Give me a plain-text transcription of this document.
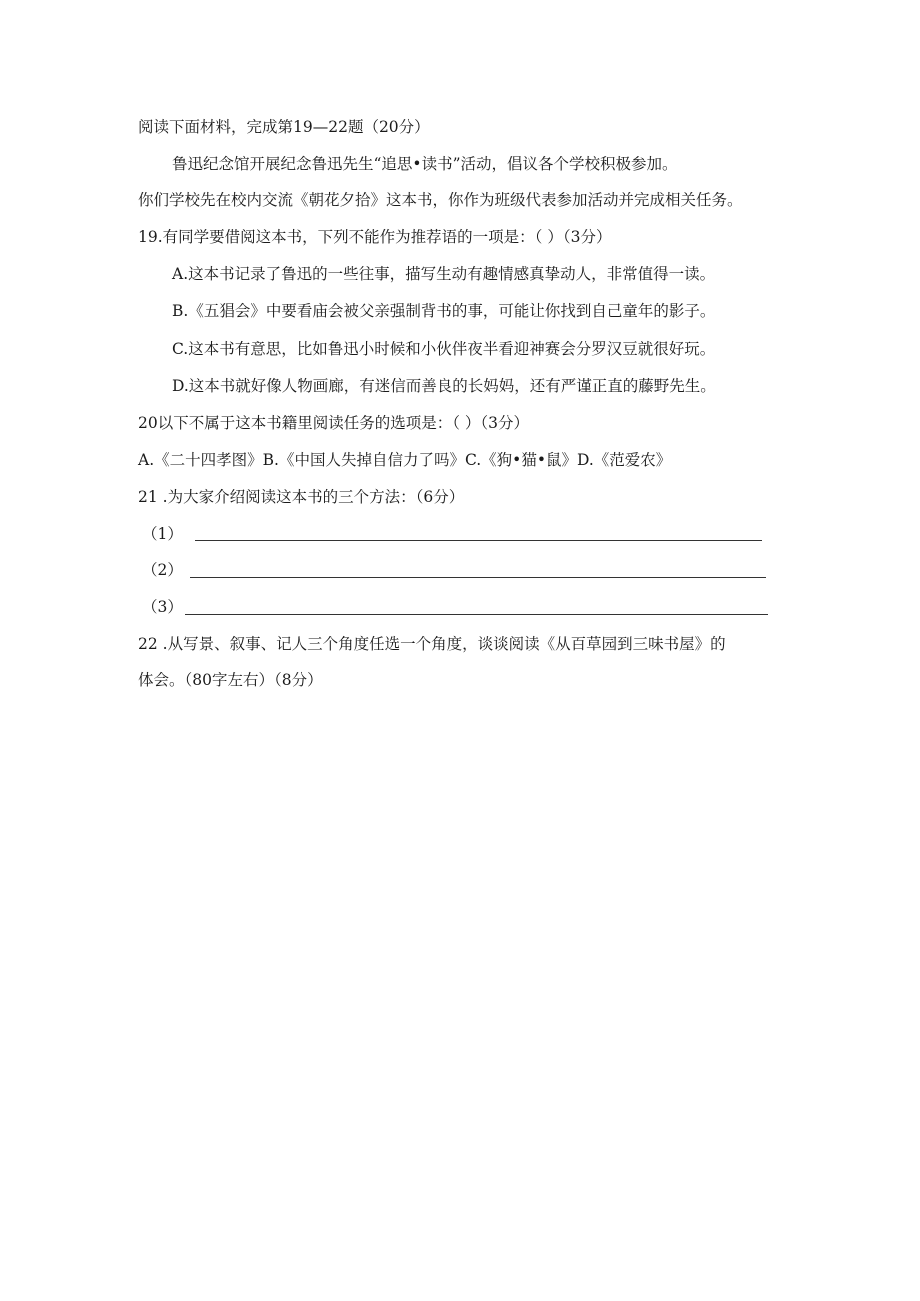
阅读下面材料，完成第19—22题（20分）
鲁迅纪念馆开展纪念鲁迅先生“追思•读书”活动，倡议各个学校积极参加。
你们学校先在校内交流《朝花夕拾》这本书，你作为班级代表参加活动并完成相关任务。
19.有同学要借阅这本书，下列不能作为推荐语的一项是：（ ）（3分）
A.这本书记录了鲁迅的一些往事，描写生动有趣情感真挚动人，非常值得一读。
B.《五猖会》中要看庙会被父亲强制背书的事，可能让你找到自己童年的影子。
C.这本书有意思，比如鲁迅小时候和小伙伴夜半看迎神赛会分罗汉豆就很好玩。
D.这本书就好像人物画廊，有迷信而善良的长妈妈，还有严谨正直的藤野先生。
20以下不属于这本书籍里阅读任务的选项是：（ ）（3分）
A.《二十四孝图》B.《中国人失掉自信力了吗》C.《狗•猫•鼠》D.《范爱农》
21 .为大家介绍阅读这本书的三个方法：（6分）
（1）
（2）
（3）
22 .从写景、叙事、记人三个角度任选一个角度，谈谈阅读《从百草园到三味书屋》的
体会。（80字左右）（8分）
